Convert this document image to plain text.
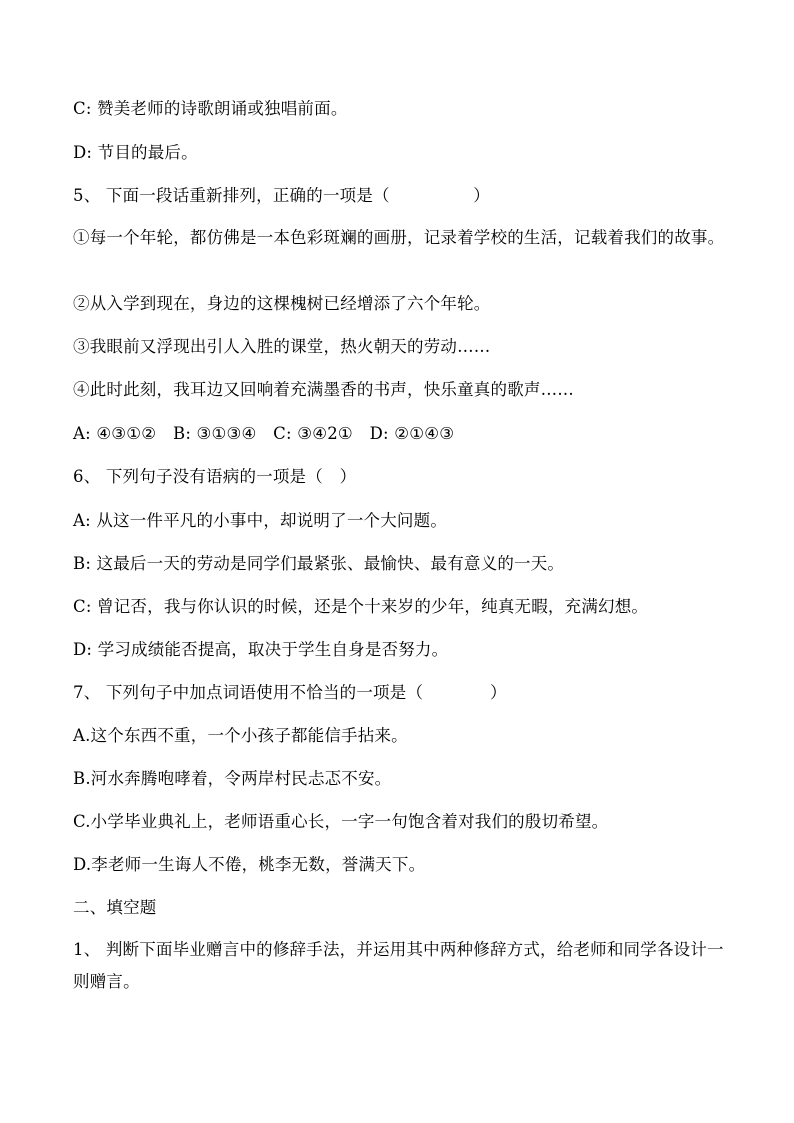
C: 赞美老师的诗歌朗诵或独唱前面。
D: 节目的最后。
5、 下面一段话重新排列，正确的一项是（　　　　　）
①每一个年轮，都仿佛是一本色彩斑斓的画册，记录着学校的生活，记载着我们的故事。
②从入学到现在，身边的这棵槐树已经增添了六个年轮。
③我眼前又浮现出引人入胜的课堂，热火朝天的劳动……
④此时此刻，我耳边又回响着充满墨香的书声，快乐童真的歌声……
A: ④③①②　B: ③①③④　C: ③④2①　D: ②①④③
6、 下列句子没有语病的一项是（　）
A: 从这一件平凡的小事中，却说明了一个大问题。
B: 这最后一天的劳动是同学们最紧张、最愉快、最有意义的一天。
C: 曾记否，我与你认识的时候，还是个十来岁的少年，纯真无暇，充满幻想。
D: 学习成绩能否提高，取决于学生自身是否努力。
7、 下列句子中加点词语使用不恰当的一项是（　　　　）
A.这个东西不重，一个小孩子都能信手拈来。
B.河水奔腾咆哮着，令两岸村民忐忑不安。
C.小学毕业典礼上，老师语重心长，一字一句饱含着对我们的殷切希望。
D.李老师一生诲人不倦，桃李无数，誉满天下。
二、填空题
1、 判断下面毕业赠言中的修辞手法，并运用其中两种修辞方式，给老师和同学各设计一则赠言。
